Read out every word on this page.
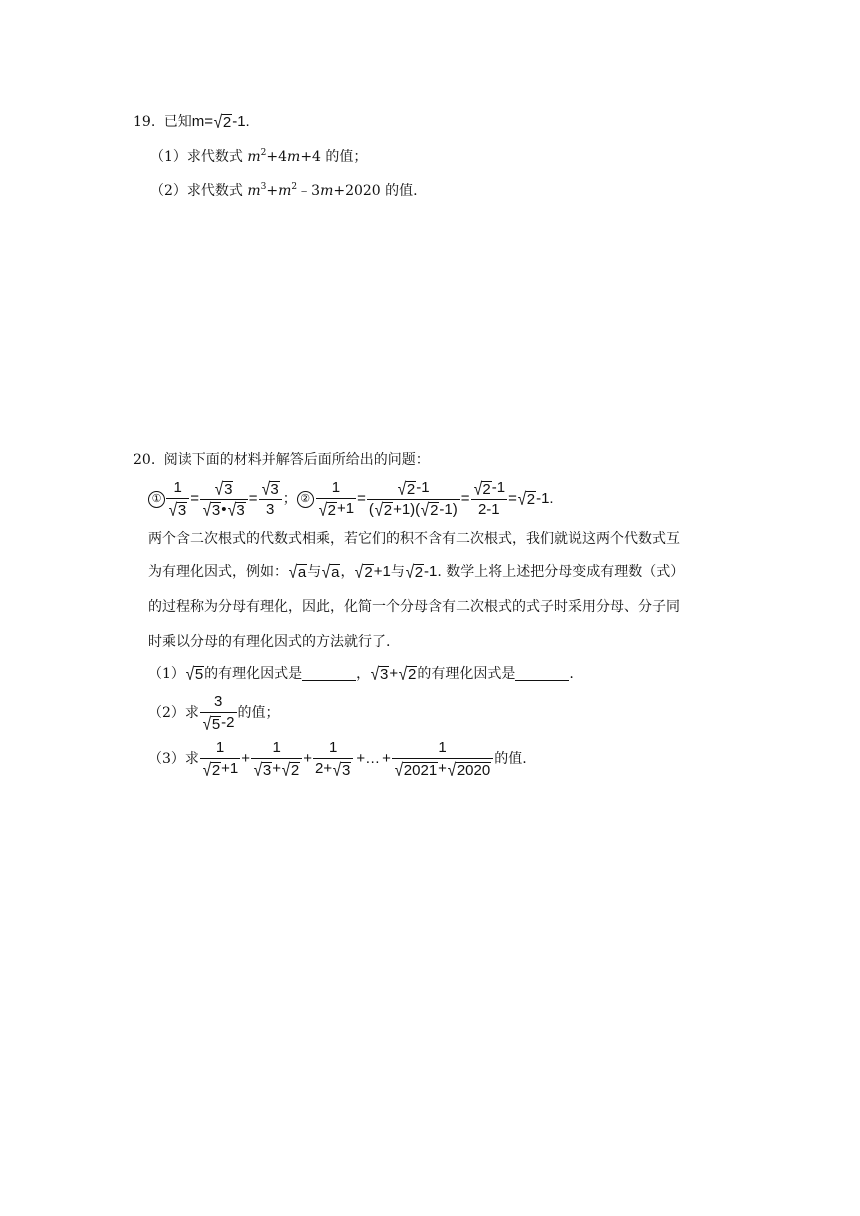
19. 已知m= √ 2 -1.
（1）求代数式 $m^2+4m+4$ 的值；
（2）求代数式 $m^3+m^2﹣3m+2020$ 的值.
20. 阅读下面的材料并解答后面所给出的问题：
① $\frac{1}{√ 3} = \frac{√ 3}{√ 3 • √ 3} = \frac{√ 3}{3}$ ； ② $\frac{1}{√ 2 +1} = \frac{√ 2 -1}{( √ 2 +1)( √ 2 -1)} = \frac{√ 2 -1}{2-1}$ = √ 2 -1.
两个含二次根式的代数式相乘，若它们的积不含有二次根式，我们就说这两个代数式互
为有理化因式，例如： √ a 与 √ a ， √ 2 +1 与 √ 2 -1 . 数学上将上述把分母变成有理数（式）
的过程称为分母有理化，因此，化简一个分母含有二次根式的式子时采用分母、分子同
时乘以分母的有理化因式的方法就行了.
（1） √ 5 的有理化因式是	， √ 3 + √ 2 的有理化因式是	.
（2） 求 $\frac{3}{√ 5 -2}$ 的值；
（3） 求 $\frac{1}{√ 2 +1} + \frac{1}{√ 3 + √ 2} + \frac{1}{2+ √ 3}$ +… + $\frac{1}{√ 2021 + √ 2020}$ 的值.
